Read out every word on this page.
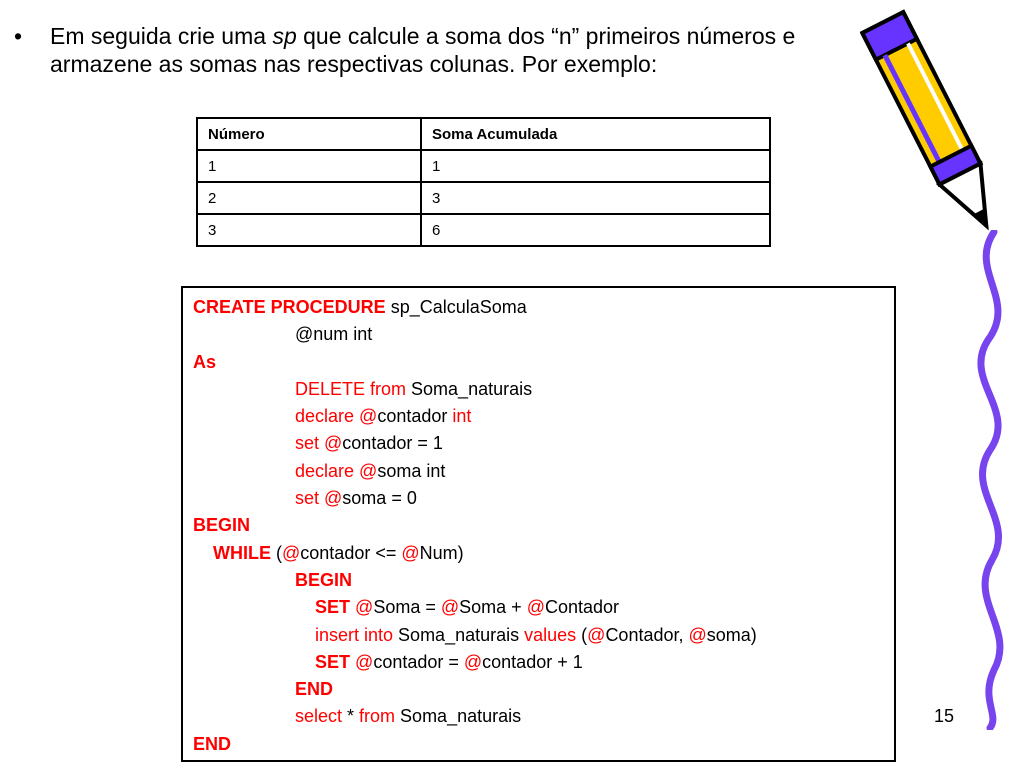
• Em seguida crie uma sp que calcule a soma dos “n” primeiros números e armazene as somas nas respectivas colunas. Por exemplo:
Número	Soma Acumulada
1	1
2	3
3	6
CREATE PROCEDURE sp_CalculaSoma
@num int
As
DELETE from Soma_naturais
declare @contador int
set @contador = 1
declare @soma int
set @soma = 0
BEGIN
WHILE (@contador <= @Num)
BEGIN
SET @Soma = @Soma + @Contador
insert into Soma_naturais values (@Contador, @soma)
SET @contador = @contador + 1
END
select * from Soma_naturais
END
15
